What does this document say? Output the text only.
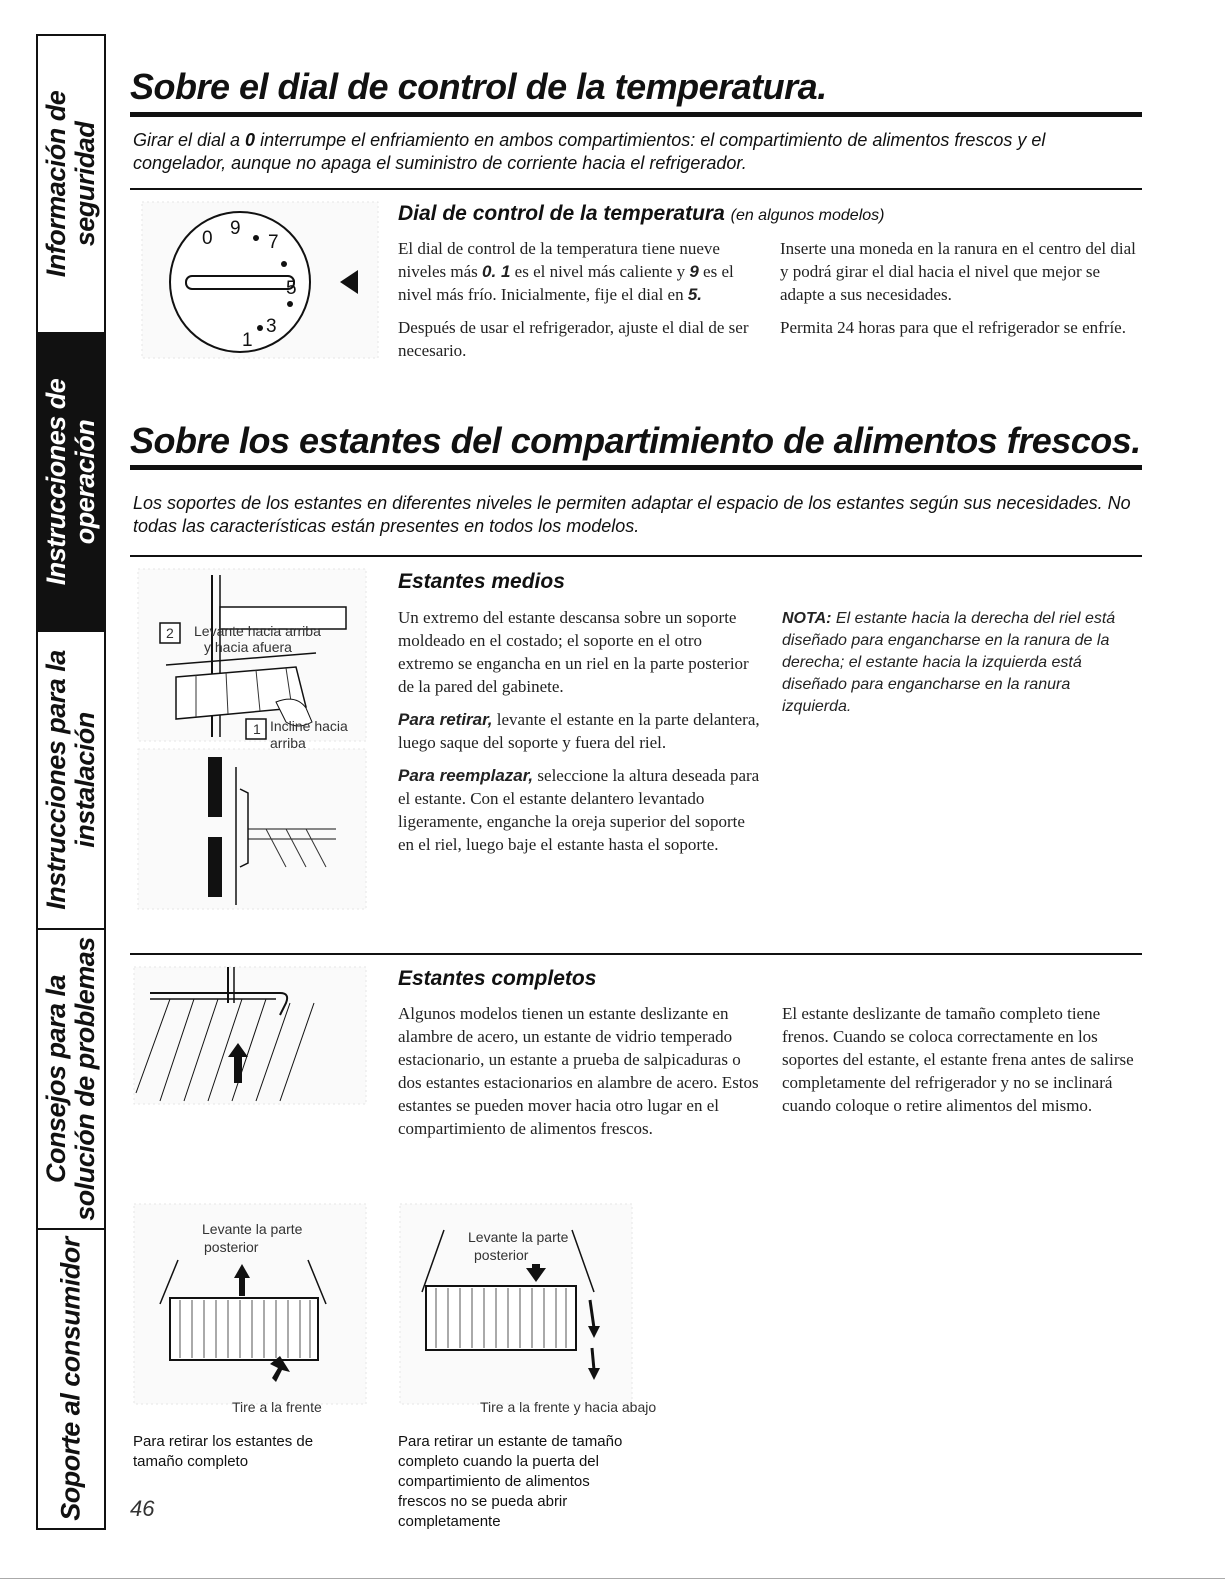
Información de
seguridad
Instrucciones de
operación
Instrucciones para la
instalación
Consejos para la
solución de problemas
Soporte al consumidor
Sobre el dial de control de la temperatura.

Girar el dial a 0 interrumpe el enfriamiento en ambos compartimientos: el compartimiento de alimentos frescos y el congelador, aunque no apaga el suministro de corriente hacia el refrigerador.

0 9
7
5
3
1
Dial de control de la temperatura (en algunos modelos)

El dial de control de la temperatura tiene nueve niveles más 0. 1 es el nivel más caliente y 9 es el nivel más frío. Inicialmente, fije el dial en 5.

Después de usar el refrigerador, ajuste el dial de ser necesario.

Inserte una moneda en la ranura en el centro del dial y podrá girar el dial hacia el nivel que mejor se adapte a sus necesidades.

Permita 24 horas para que el refrigerador se enfríe.

Sobre los estantes del compartimiento de alimentos frescos.

Los soportes de los estantes en diferentes niveles le permiten adaptar el espacio de los estantes según sus necesidades. No todas las características están presentes en todos los modelos.

2 Levante hacia arriba
y hacia afuera
1 Incline hacia
arriba
Estantes medios

Un extremo del estante descansa sobre un soporte moldeado en el costado; el soporte en el otro extremo se engancha en un riel en la parte posterior de la pared del gabinete.

Para retirar, levante el estante en la parte delantera, luego saque del soporte y fuera del riel.

Para reemplazar, seleccione la altura deseada para el estante. Con el estante delantero levantado ligeramente, enganche la oreja superior del soporte en el riel, luego baje el estante hasta el soporte.

NOTA: El estante hacia la derecha del riel está diseñado para engancharse en la ranura de la derecha; el estante hacia la izquierda está diseñado para engancharse en la ranura izquierda.

Estantes completos

Algunos modelos tienen un estante deslizante en alambre de acero, un estante de vidrio temperado estacionario, un estante a prueba de salpicaduras o dos estantes estacionarios en alambre de acero. Estos estantes se pueden mover hacia otro lugar en el compartimiento de alimentos frescos.

El estante deslizante de tamaño completo tiene frenos. Cuando se coloca correctamente en los soportes del estante, el estante frena antes de salirse completamente del refrigerador y no se inclinará cuando coloque o retire alimentos del mismo.

Levante la parte
posterior
Tire a la frente

Para retirar los estantes de tamaño completo

Levante la parte
posterior
Tire a la frente y hacia abajo

Para retirar un estante de tamaño completo cuando la puerta del compartimiento de alimentos frescos no se pueda abrir completamente

46
